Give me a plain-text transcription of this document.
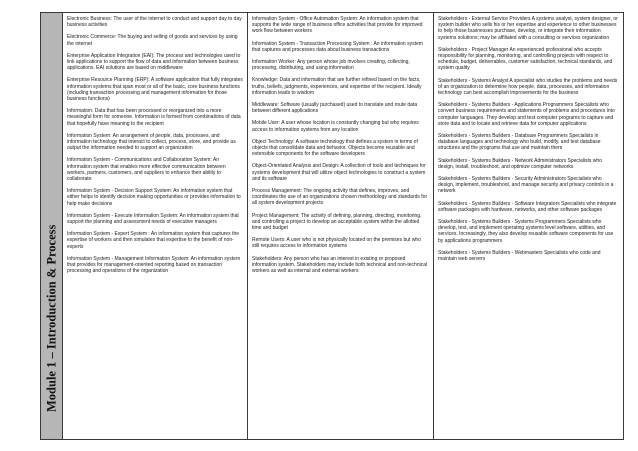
Module 1 – Introduction & Process

Electronic Business: The user of the internet to conduct and support day to day business activities

Electronic Commerce: The buying and selling of goods and services by using the internet

Enterprise Application Integration (EAI): The process and technologies used to link applications to support the flow of data and information between business applications. EAI solutions are based on middleware

Enterprise Resource Planning (ERP): A software application that fully integrates information systems that span most or all of the basic, core business functions (including transaction processing and management information for those business functions)

Information: Data that has been processed or reorganized into a more meaningful form for someone. Information is formed from combinations of data that hopefully have meaning to the recipient

Information System: An arrangement of people, data, processes, and information technology that interact to collect, process, store, and provide as output the information needed to support an organization

Information System - Communications and Collaboration System: An information system that enables more effective communication between workers, partners, customers, and suppliers to enhance their ability to collaborate

Information System - Decision Support System: An information system that either helps to identify decision making opportunities or provides information to help make decisions

Information System - Execute Information System: An information system that support the planning and assessment needs of executive managers

Information System - Expert System : An information system that captures the expertise of workers and then simulates that expertise to the benefit of non-experts

Information System - Management Information System: An information system that provides for management-oriented reporting based on transaction processing and operations of the organization

Information System - Office Automation System: An information system that supports the wide range of business office activities that provide for improved work flow between workers

Information System - Transaction Processing System : An information system that captures and processes data about business transactions

Information Worker: Any person whose job involves creating, collecting, processing, distributing, and using information

Knowledge: Data and information that are further refined based on the facts, truths, beliefs, judgments, experiences, and expertise of the recipient. Ideally information leads to wisdom

Middleware: Software (usually purchased) used to translate and route data between different applications

Mobile User: A user whose location is constantly changing but who requires access to information systems from any location

Object Technology: A software technology that defines a system in terms of objects that consolidate data and behavior. Objects become reusable and extensible components for the software developers

Object-Orientated Analysis and Design: A collection of tools and techniques for systems development that will utilize object technologies to construct a system and its software

Process Management: The ongoing activity that defines, improves, and coordinates the use of an organizations chosen methodology and standards for all system development projects

Project Management: The activity of defining, planning, directing, monitoring, and controlling a project to develop an acceptable system within the allotted time and budget

Remote Users: A user who is not physically located on the premises but who still requires access to information systems

Stakeholders: Any person who has an interest in existing or proposed information system. Stakeholders may include both technical and non-technical workers as well as internal and external workers

Stakeholders - External Service Providers A systems analyst, system designer, or system builder who sells his or her expertise and experience to other businesses to help those businesses purchase, develop, or integrate their information systems solutions; may be affiliated with a consulting or services organization

Stakeholders - Project Manager An experienced professional who accepts responsibility for planning, monitoring, and controlling projects with respect to schedule, budget, deliverables, customer satisfaction, technical standards, and system quality

Stakeholders - Systems Analyst A specialist who studies the problems and needs of an organization to determine how people, data, processes, and information technology can best accomplish improvements for the business

Stakeholders - Systems Builders - Applications Programmers Specialists who convert business requirements and statements of problems and procedures into computer languages. They develop and test computer programs to capture and store data and to locate and retrieve data for computer applications

Stakeholders - Systems Builders - Database Programmers Specialists in database languages and technology who build, modify, and test database structures and the programs that use and maintain them

Stakeholders - Systems Builders - Network Administrators Specialists who design, install, troubleshoot, and optimize computer networks

Stakeholders - Systems Builders - Security Administrators Specialists who design, implement, troubleshoot, and manage security and privacy controls in a network

Stakeholders - Systems Builders - Software Integrators Specialists who integrate software packages with hardware, networks, and other software packages

Stakeholders - Systems Builders - Systems Programmers Specialists who develop, test, and implement operating systems level software, utilities, and services. Increasingly, they also develop reusable software components for use by applications programmers

Stakeholders - Systems Builders - Webmasters Specialists who code and maintain web servers
